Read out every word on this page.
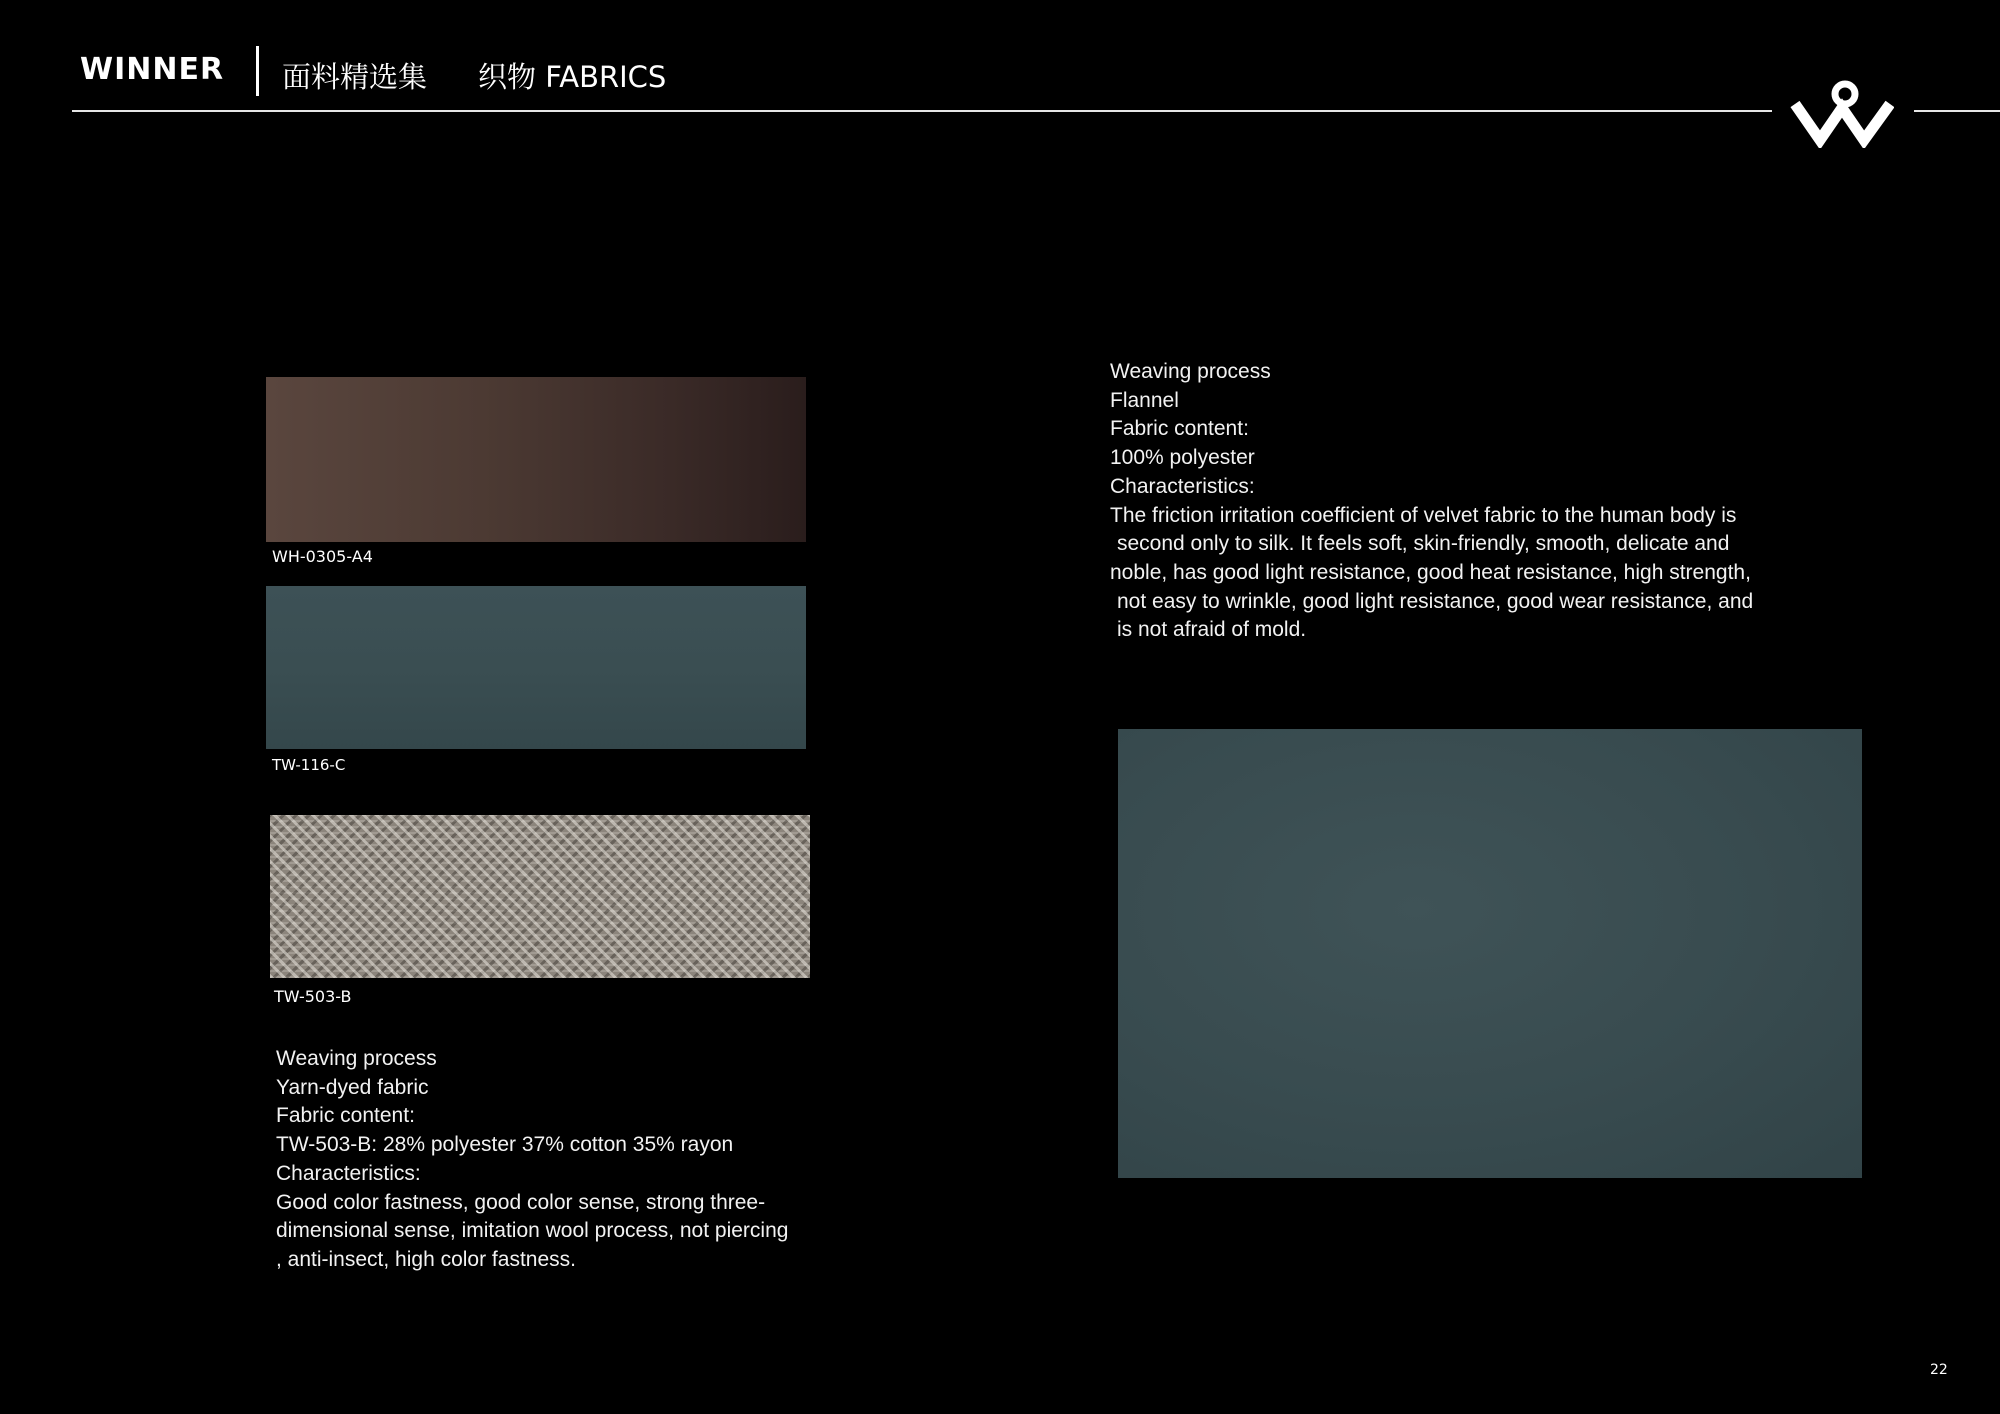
WINNER 面料精选集 织物 FABRICS
WH-0305-A4
TW-116-C
TW-503-B
Weaving process
Flannel
Fabric content:
100% polyester
Characteristics:
The friction irritation coefficient of velvet fabric to the human body is
second only to silk. It feels soft, skin-friendly, smooth, delicate and
noble, has good light resistance, good heat resistance, high strength,
not easy to wrinkle, good light resistance, good wear resistance, and
is not afraid of mold.
Weaving process
Yarn-dyed fabric
Fabric content:
TW-503-B: 28% polyester 37% cotton 35% rayon
Characteristics:
Good color fastness, good color sense, strong three-
dimensional sense, imitation wool process, not piercing
, anti-insect, high color fastness.
22
